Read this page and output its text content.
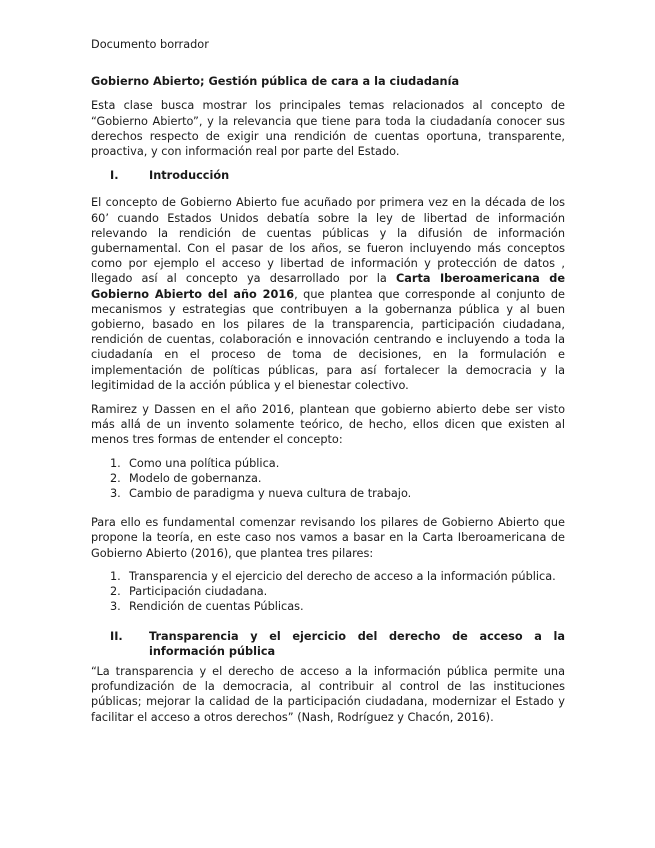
Documento borrador

Gobierno Abierto; Gestión pública de cara a la ciudadanía

Esta clase busca mostrar los principales temas relacionados al concepto de “Gobierno Abierto”, y la relevancia que tiene para toda la ciudadanía conocer sus derechos respecto de exigir una rendición de cuentas oportuna, transparente, proactiva, y con información real por parte del Estado.

I.	Introducción

El concepto de Gobierno Abierto fue acuñado por primera vez en la década de los 60’ cuando Estados Unidos debatía sobre la ley de libertad de información relevando la rendición de cuentas públicas y la difusión de información gubernamental. Con el pasar de los años, se fueron incluyendo más conceptos como por ejemplo el acceso y libertad de información y protección de datos , llegado así al concepto ya desarrollado por la Carta Iberoamericana de Gobierno Abierto del año 2016, que plantea que corresponde al conjunto de mecanismos y estrategias que contribuyen a la gobernanza pública y al buen gobierno, basado en los pilares de la transparencia, participación ciudadana, rendición de cuentas, colaboración e innovación centrando e incluyendo a toda la ciudadanía en el proceso de toma de decisiones, en la formulación e implementación de políticas públicas, para así fortalecer la democracia y la legitimidad de la acción pública y el bienestar colectivo.

Ramirez y Dassen en el año 2016, plantean que gobierno abierto debe ser visto más allá de un invento solamente teórico, de hecho, ellos dicen que existen al menos tres formas de entender el concepto:

1. Como una política pública.
2. Modelo de gobernanza.
3. Cambio de paradigma y nueva cultura de trabajo.

Para ello es fundamental comenzar revisando los pilares de Gobierno Abierto que propone la teoría, en este caso nos vamos a basar en la Carta Iberoamericana de Gobierno Abierto (2016), que plantea tres pilares:

1. Transparencia y el ejercicio del derecho de acceso a la información pública.
2. Participación ciudadana.
3. Rendición de cuentas Públicas.
II.	Transparencia y el ejercicio del derecho de acceso a la información pública

“La transparencia y el derecho de acceso a la información pública permite una profundización de la democracia, al contribuir al control de las instituciones públicas; mejorar la calidad de la participación ciudadana, modernizar el Estado y facilitar el acceso a otros derechos” (Nash, Rodríguez y Chacón, 2016).
